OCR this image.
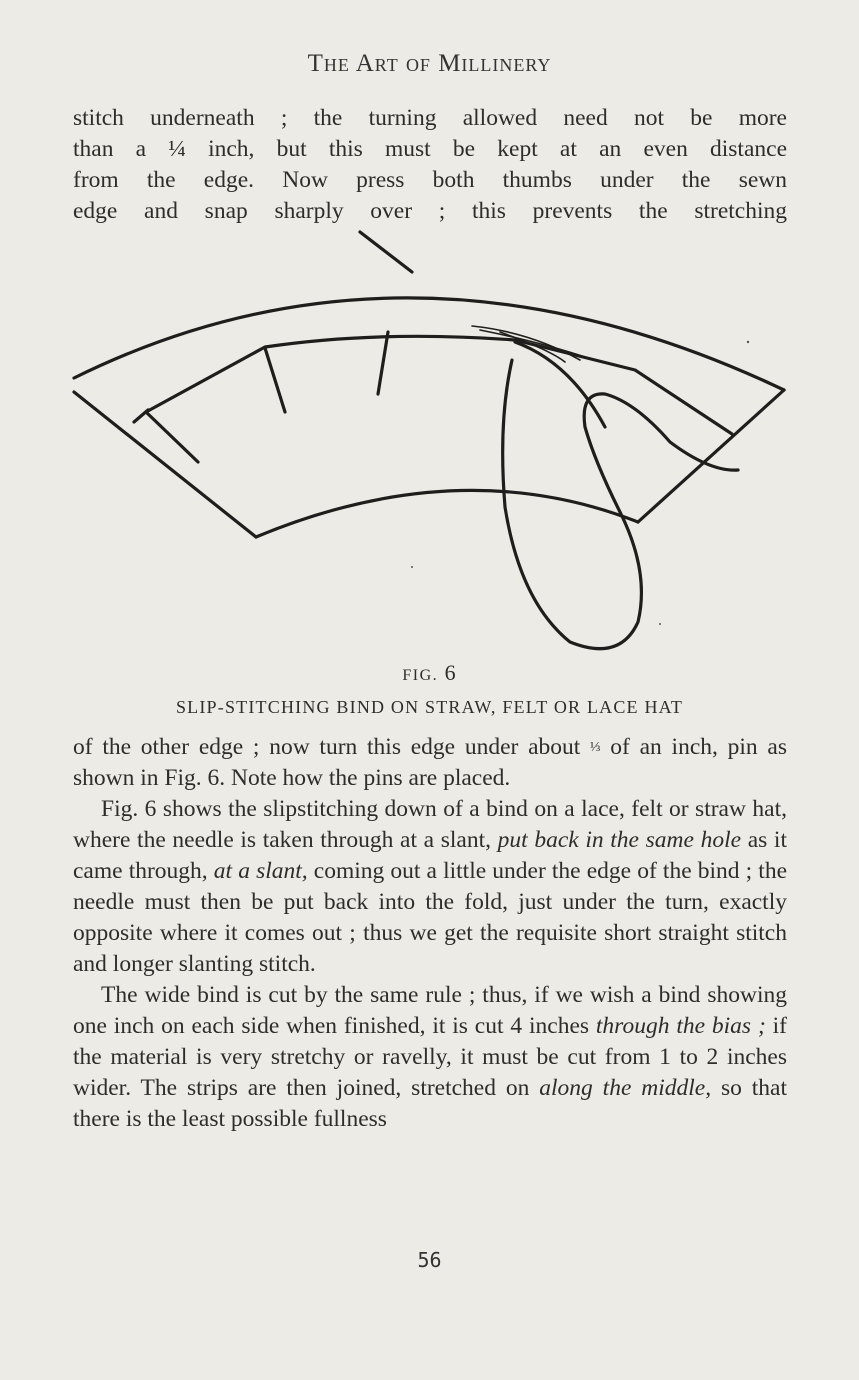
The Art of Millinery

stitch underneath ; the turning allowed need not be more

than a ¼ inch, but this must be kept at an even distance

from the edge. Now press both thumbs under the sewn

edge and snap sharply over ; this prevents the stretching

FIG. 6
SLIP-STITCHING BIND ON STRAW, FELT OR LACE HAT

of the other edge ; now turn this edge under about ⅓ of an inch, pin as shown in Fig. 6. Note how the pins are placed.

Fig. 6 shows the slipstitching down of a bind on a lace, felt or straw hat, where the needle is taken through at a slant, put back in the same hole as it came through, at a slant, coming out a little under the edge of the bind ; the needle must then be put back into the fold, just under the turn, exactly opposite where it comes out ; thus we get the requisite short straight stitch and longer slanting stitch.

The wide bind is cut by the same rule ; thus, if we wish a bind showing one inch on each side when finished, it is cut 4 inches through the bias ; if the material is very stretchy or ravelly, it must be cut from 1 to 2 inches wider. The strips are then joined, stretched on along the middle, so that there is the least possible fullness

56
